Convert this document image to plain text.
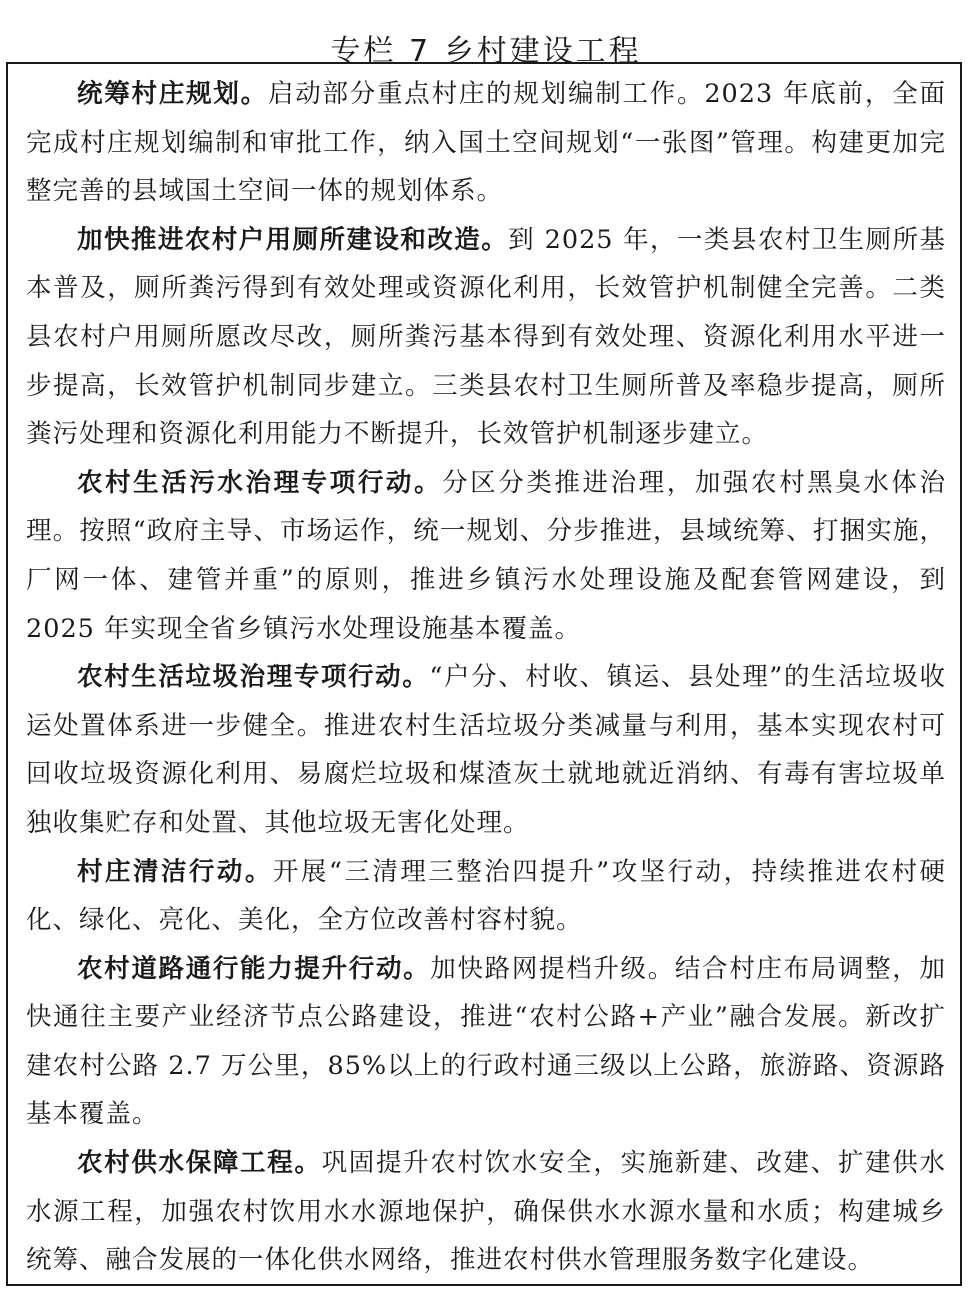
专栏 7 乡村建设工程

统筹村庄规划。启动部分重点村庄的规划编制工作。2023 年底前，全面完成村庄规划编制和审批工作，纳入国土空间规划“一张图”管理。构建更加完整完善的县域国土空间一体的规划体系。

加快推进农村户用厕所建设和改造。到 2025 年，一类县农村卫生厕所基本普及，厕所粪污得到有效处理或资源化利用，长效管护机制健全完善。二类县农村户用厕所愿改尽改，厕所粪污基本得到有效处理、资源化利用水平进一步提高，长效管护机制同步建立。三类县农村卫生厕所普及率稳步提高，厕所粪污处理和资源化利用能力不断提升，长效管护机制逐步建立。

农村生活污水治理专项行动。分区分类推进治理，加强农村黑臭水体治理。按照“政府主导、市场运作，统一规划、分步推进，县域统筹、打捆实施，厂网一体、建管并重”的原则，推进乡镇污水处理设施及配套管网建设，到 2025 年实现全省乡镇污水处理设施基本覆盖。

农村生活垃圾治理专项行动。“户分、村收、镇运、县处理”的生活垃圾收运处置体系进一步健全。推进农村生活垃圾分类减量与利用，基本实现农村可回收垃圾资源化利用、易腐烂垃圾和煤渣灰土就地就近消纳、有毒有害垃圾单独收集贮存和处置、其他垃圾无害化处理。

村庄清洁行动。开展“三清理三整治四提升”攻坚行动，持续推进农村硬化、绿化、亮化、美化，全方位改善村容村貌。

农村道路通行能力提升行动。加快路网提档升级。结合村庄布局调整，加快通往主要产业经济节点公路建设，推进“农村公路+产业”融合发展。新改扩建农村公路 2.7 万公里，85%以上的行政村通三级以上公路，旅游路、资源路基本覆盖。

农村供水保障工程。巩固提升农村饮水安全，实施新建、改建、扩建供水水源工程，加强农村饮用水水源地保护，确保供水水源水量和水质；构建城乡统筹、融合发展的一体化供水网络，推进农村供水管理服务数字化建设。
